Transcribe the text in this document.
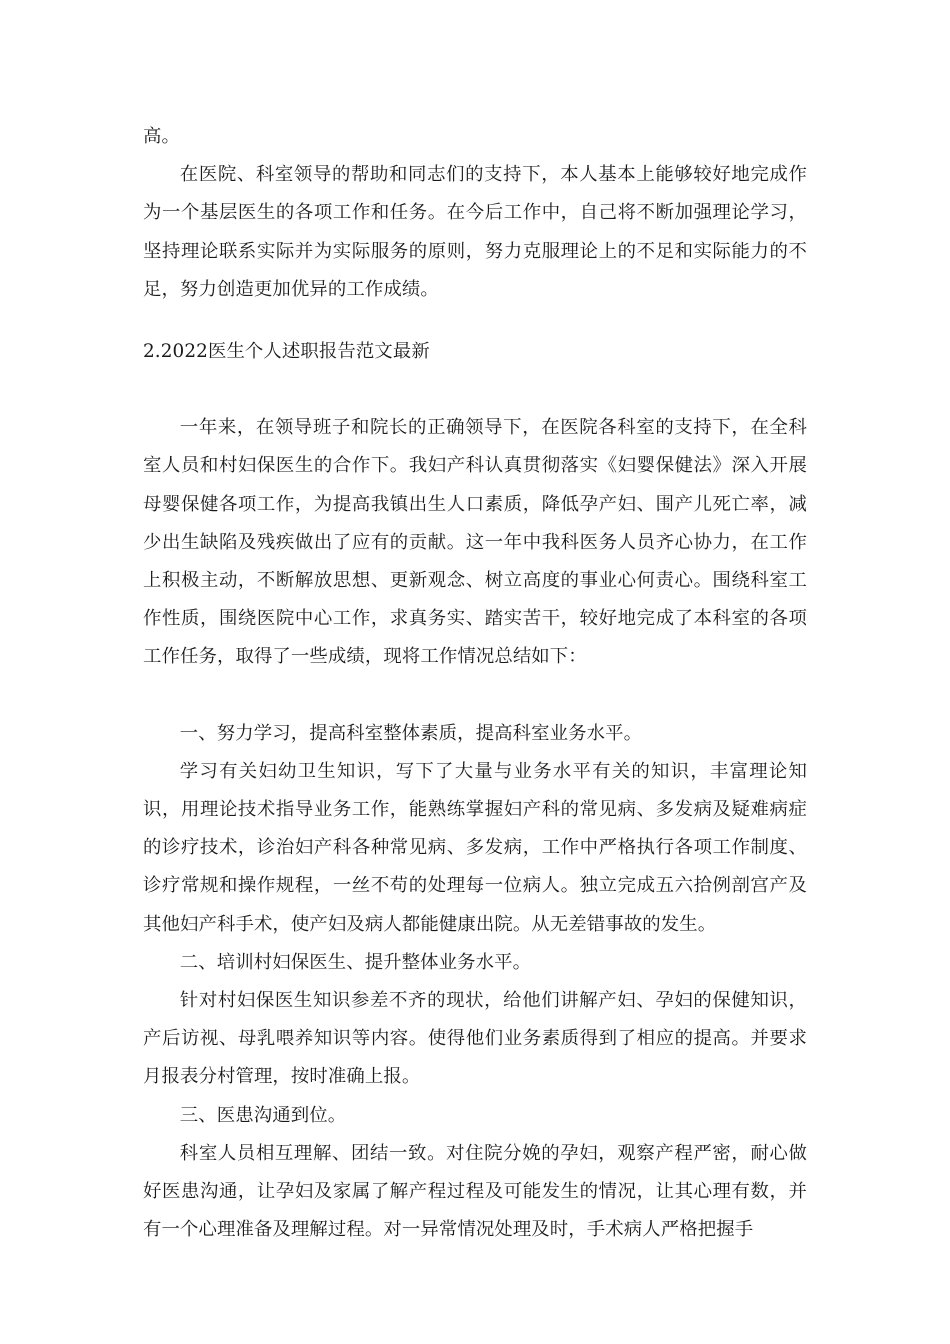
高。

在医院、科室领导的帮助和同志们的支持下，本人基本上能够较好地完成作为一个基层医生的各项工作和任务。在今后工作中，自己将不断加强理论学习，坚持理论联系实际并为实际服务的原则，努力克服理论上的不足和实际能力的不足，努力创造更加优异的工作成绩。

2.2022医生个人述职报告范文最新

一年来，在领导班子和院长的正确领导下，在医院各科室的支持下，在全科室人员和村妇保医生的合作下。我妇产科认真贯彻落实《妇婴保健法》深入开展母婴保健各项工作，为提高我镇出生人口素质，降低孕产妇、围产儿死亡率，减少出生缺陷及残疾做出了应有的贡献。这一年中我科医务人员齐心协力，在工作上积极主动，不断解放思想、更新观念、树立高度的事业心何责心。围绕科室工作性质，围绕医院中心工作，求真务实、踏实苦干，较好地完成了本科室的各项工作任务，取得了一些成绩，现将工作情况总结如下：

一、努力学习，提高科室整体素质，提高科室业务水平。

学习有关妇幼卫生知识，写下了大量与业务水平有关的知识，丰富理论知识，用理论技术指导业务工作，能熟练掌握妇产科的常见病、多发病及疑难病症的诊疗技术，诊治妇产科各种常见病、多发病，工作中严格执行各项工作制度、诊疗常规和操作规程，一丝不苟的处理每一位病人。独立完成五六拾例剖宫产及其他妇产科手术，使产妇及病人都能健康出院。从无差错事故的发生。

二、培训村妇保医生、提升整体业务水平。

针对村妇保医生知识参差不齐的现状，给他们讲解产妇、孕妇的保健知识，产后访视、母乳喂养知识等内容。使得他们业务素质得到了相应的提高。并要求月报表分村管理，按时准确上报。

三、医患沟通到位。

科室人员相互理解、团结一致。对住院分娩的孕妇，观察产程严密，耐心做好医患沟通，让孕妇及家属了解产程过程及可能发生的情况，让其心理有数，并有一个心理准备及理解过程。对一异常情况处理及时，手术病人严格把握手
